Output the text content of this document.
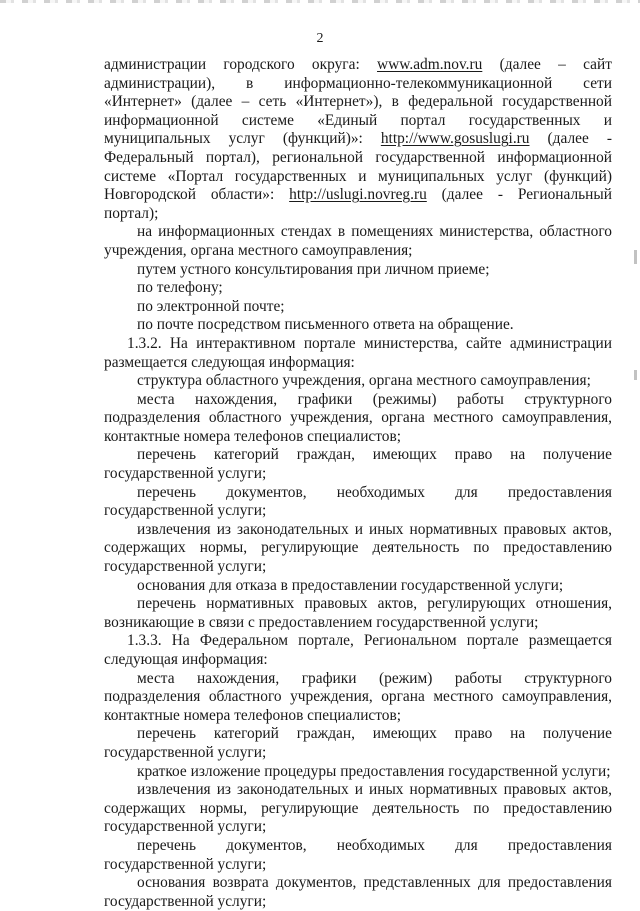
2

администрации городского округа: www.adm.nov.ru (далее – сайт администрации), в информационно-телекоммуникационной сети «Интернет» (далее – сеть «Интернет»), в федеральной государственной информационной системе «Единый портал государственных и муниципальных услуг (функций)»: http://www.gosuslugi.ru (далее - Федеральный портал), региональной государственной информационной системе «Портал государственных и муниципальных услуг (функций) Новгородской области»: http://uslugi.novreg.ru (далее - Региональный портал);

на информационных стендах в помещениях министерства, областного учреждения, органа местного самоуправления;

путем устного консультирования при личном приеме;

по телефону;

по электронной почте;

по почте посредством письменного ответа на обращение.

1.3.2. На интерактивном портале министерства, сайте администрации размещается следующая информация:

структура областного учреждения, органа местного самоуправления;

места нахождения, графики (режимы) работы структурного подразделения областного учреждения, органа местного самоуправления, контактные номера телефонов специалистов;

перечень категорий граждан, имеющих право на получение государственной услуги;

перечень документов, необходимых для предоставления государственной услуги;

извлечения из законодательных и иных нормативных правовых актов, содержащих нормы, регулирующие деятельность по предоставлению государственной услуги;

основания для отказа в предоставлении государственной услуги;

перечень нормативных правовых актов, регулирующих отношения, возникающие в связи с предоставлением государственной услуги;

1.3.3. На Федеральном портале, Региональном портале размещается следующая информация:

места нахождения, графики (режим) работы структурного подразделения областного учреждения, органа местного самоуправления, контактные номера телефонов специалистов;

перечень категорий граждан, имеющих право на получение государственной услуги;

краткое изложение процедуры предоставления государственной услуги;

извлечения из законодательных и иных нормативных правовых актов, содержащих нормы, регулирующие деятельность по предоставлению государственной услуги;

перечень документов, необходимых для предоставления государственной услуги;

основания возврата документов, представленных для предоставления государственной услуги;
